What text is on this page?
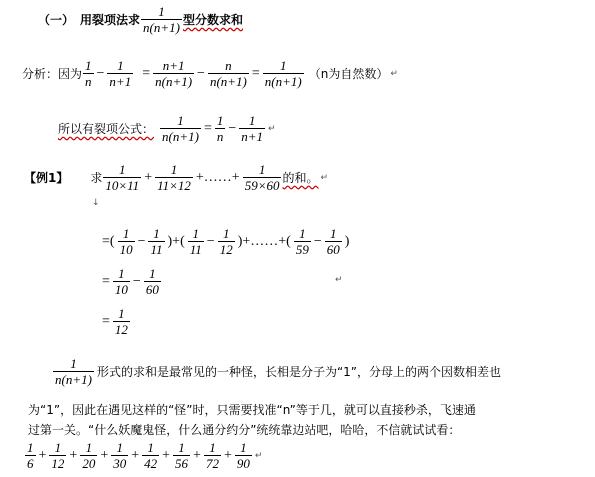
（一） 用裂项法求 $\frac{1}{n(n+1)}$ 型分数求和
分析：因为 $\frac{1}{n} - \frac{1}{n+1} = \frac{n+1}{n(n+1)} - \frac{n}{n(n+1)} = \frac{1}{n(n+1)} (n$为自然数） ↵
所以有裂项公式： $\frac{1}{n(n+1)} = \frac{1}{n} - \frac{1}{n+1}$ ↵
【例1】 求 $\frac{1}{10\times 11} + \frac{1}{11\times 12}$ +……+ $\frac{1}{59\times 60}$ 的和。 ↵
↓
=( $\frac{1}{10} - \frac{1}{11}$ )+( $\frac{1}{11} - \frac{1}{12}$ )+……+( $\frac{1}{59} - \frac{1}{60}$ )
= $\frac{1}{10} - \frac{1}{60}$	↵
= $\frac{1}{12}$
$\frac{1}{n(n+1)}$ 形式的求和是最常见的一种怪，长相是分子为“1”，分母上的两个因数相差也
为“1”，因此在遇见这样的“怪”时，只需要找准“n”等于几，就可以直接秒杀，飞速通
过第一关。“什么妖魔鬼怪，什么通分约分”统统靠边站吧，哈哈，不信就试试看：
$\frac{1}{6} + \frac{1}{12} + \frac{1}{20} + \frac{1}{30} + \frac{1}{42} + \frac{1}{56} + \frac{1}{72} + \frac{1}{90}$ ↵
